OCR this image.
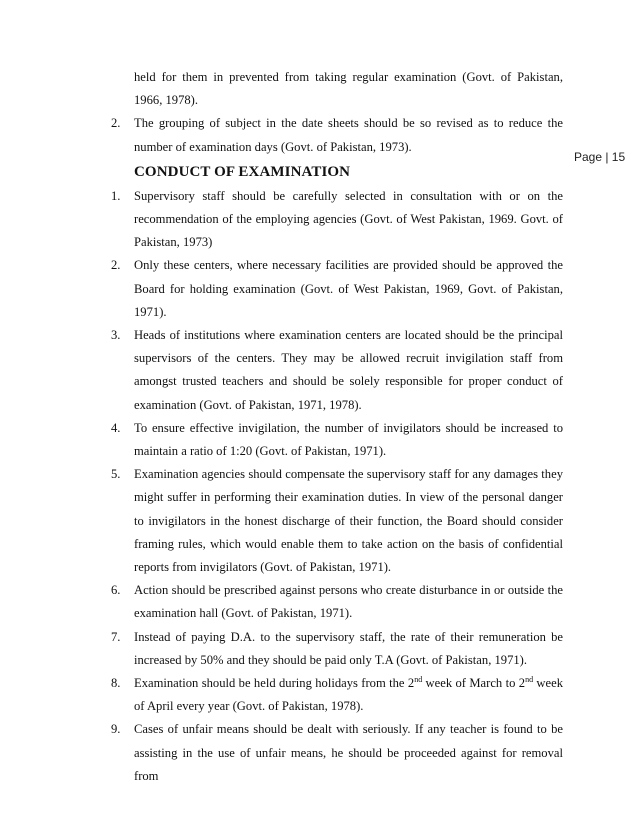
Page | 15
held for them in prevented from taking regular examination (Govt. of Pakistan, 1966, 1978).
2.	The grouping of subject in the date sheets should be so revised as to reduce the number of examination days (Govt. of Pakistan, 1973).
CONDUCT OF EXAMINATION
1.	Supervisory staff should be carefully selected in consultation with or on the recommendation of the employing agencies (Govt. of West Pakistan, 1969. Govt. of Pakistan, 1973)
2.	Only these centers, where necessary facilities are provided should be approved the Board for holding examination (Govt. of West Pakistan, 1969, Govt. of Pakistan, 1971).
3.	Heads of institutions where examination centers are located should be the principal supervisors of the centers. They may be allowed recruit invigilation staff from amongst trusted teachers and should be solely responsible for proper conduct of examination (Govt. of Pakistan, 1971, 1978).
4.	To ensure effective invigilation, the number of invigilators should be increased to maintain a ratio of 1:20 (Govt. of Pakistan, 1971).
5.	Examination agencies should compensate the supervisory staff for any damages they might suffer in performing their examination duties. In view of the personal danger to invigilators in the honest discharge of their function, the Board should consider framing rules, which would enable them to take action on the basis of confidential reports from invigilators (Govt. of Pakistan, 1971).
6.	Action should be prescribed against persons who create disturbance in or outside the examination hall (Govt. of Pakistan, 1971).
7.	Instead of paying D.A. to the supervisory staff, the rate of their remuneration be increased by 50% and they should be paid only T.A (Govt. of Pakistan, 1971).
8.	Examination should be held during holidays from the 2nd week of March to 2nd week of April every year (Govt. of Pakistan, 1978).
9.	Cases of unfair means should be dealt with seriously. If any teacher is found to be assisting in the use of unfair means, he should be proceeded against for removal from
